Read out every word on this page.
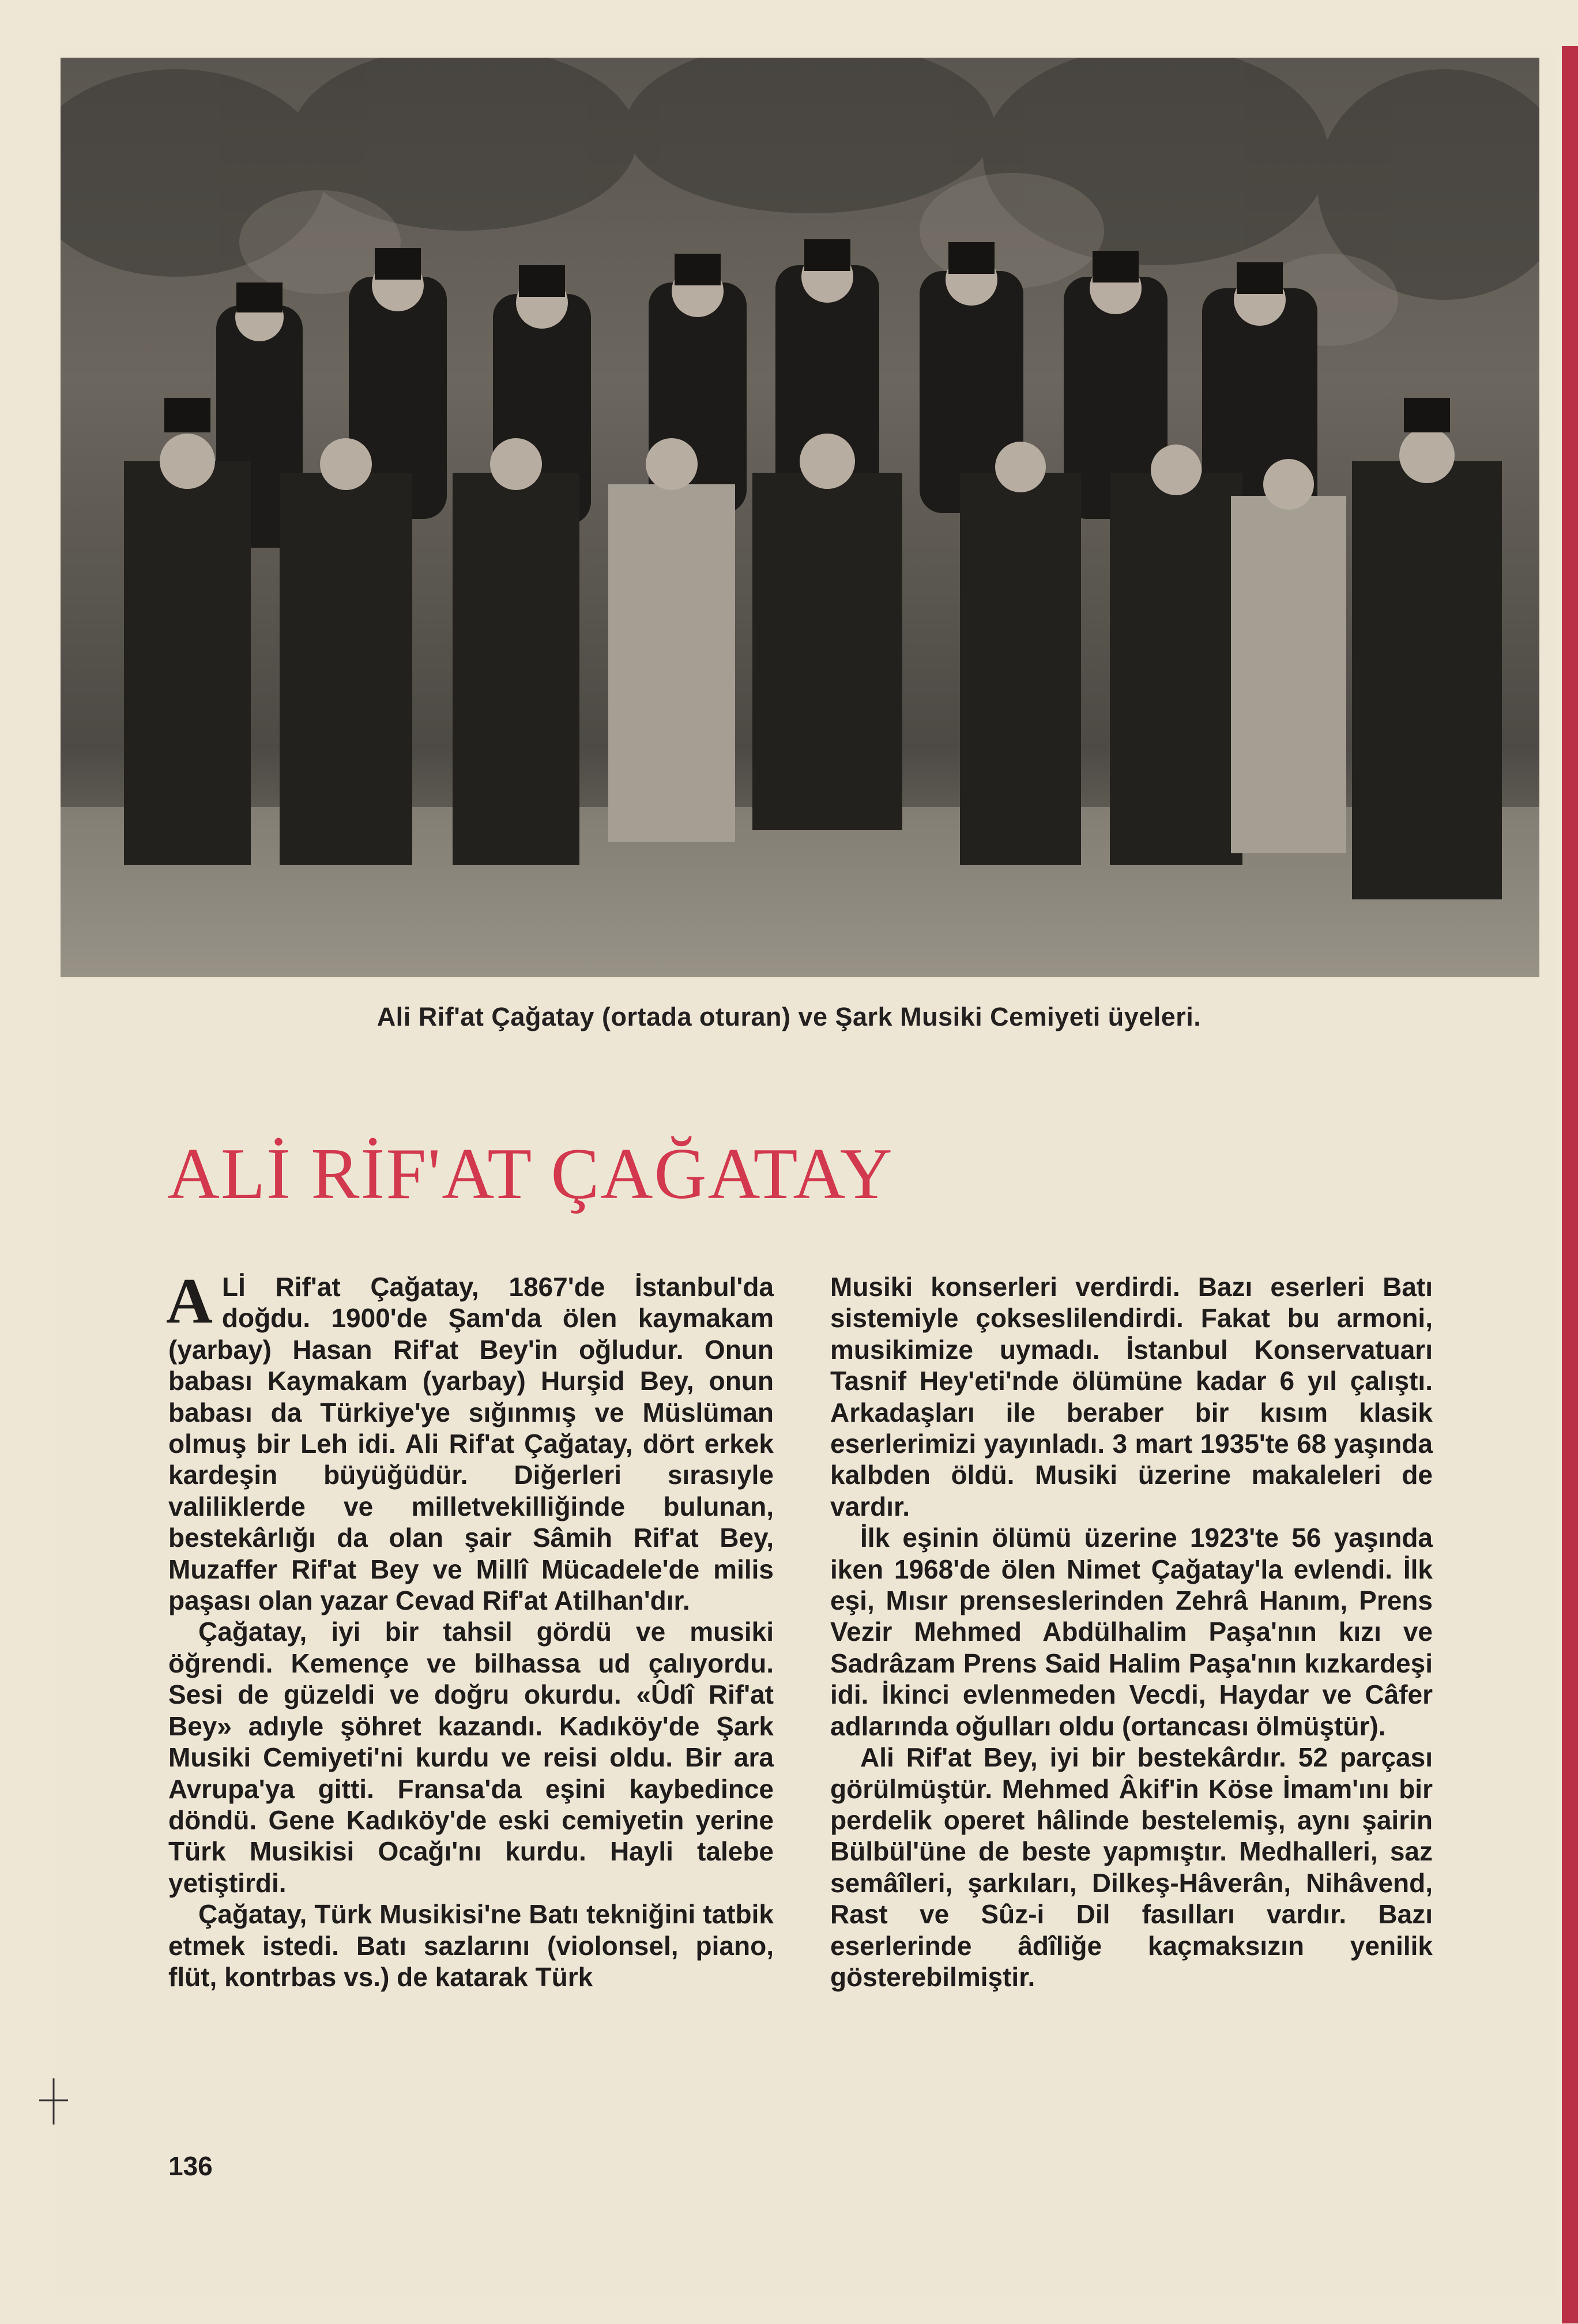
Ali Rif'at Çağatay (ortada oturan) ve Şark Musiki Cemiyeti üyeleri.
ALİ RİF'AT ÇAĞATAY

ALİ Rif'at Çağatay, 1867'de İstanbul'da doğdu. 1900'de Şam'da ölen kaymakam (yarbay) Hasan Rif'at Bey'in oğludur. Onun babası Kaymakam (yarbay) Hurşid Bey, onun babası da Türkiye'ye sığınmış ve Müslüman olmuş bir Leh idi. Ali Rif'at Çağatay, dört erkek kardeşin büyüğüdür. Diğerleri sırasıyle valiliklerde ve milletvekilliğinde bulunan, bestekârlığı da olan şair Sâmih Rif'at Bey, Muzaffer Rif'at Bey ve Millî Mücadele'de milis paşası olan yazar Cevad Rif'at Atilhan'dır.

Çağatay, iyi bir tahsil gördü ve musiki öğrendi. Kemençe ve bilhassa ud çalıyordu. Sesi de güzeldi ve doğru okurdu. «Ûdî Rif'at Bey» adıyle şöhret kazandı. Kadıköy'de Şark Musiki Cemiyeti'ni kurdu ve reisi oldu. Bir ara Avrupa'ya gitti. Fransa'da eşini kaybedince döndü. Gene Kadıköy'de eski cemiyetin yerine Türk Musikisi Ocağı'nı kurdu. Hayli talebe yetiştirdi.

Çağatay, Türk Musikisi'ne Batı tekniğini tatbik etmek istedi. Batı sazlarını (violonsel, piano, flüt, kontrbas vs.) de katarak Türk

Musiki konserleri verdirdi. Bazı eserleri Batı sistemiyle çokseslilendirdi. Fakat bu armoni, musikimize uymadı. İstanbul Konservatuarı Tasnif Hey'eti'nde ölümüne kadar 6 yıl çalıştı. Arkadaşları ile beraber bir kısım klasik eserlerimizi yayınladı. 3 mart 1935'te 68 yaşında kalbden öldü. Musiki üzerine makaleleri de vardır.

İlk eşinin ölümü üzerine 1923'te 56 yaşında iken 1968'de ölen Nimet Çağatay'la evlendi. İlk eşi, Mısır prenseslerinden Zehrâ Hanım, Prens Vezir Mehmed Abdülhalim Paşa'nın kızı ve Sadrâzam Prens Said Halim Paşa'nın kızkardeşi idi. İkinci evlenmeden Vecdi, Haydar ve Câfer adlarında oğulları oldu (ortancası ölmüştür).

Ali Rif'at Bey, iyi bir bestekârdır. 52 parçası görülmüştür. Mehmed Âkif'in Köse İmam'ını bir perdelik operet hâlinde bestelemiş, aynı şairin Bülbül'üne de beste yapmıştır. Medhalleri, saz semâîleri, şarkıları, Dilkeş-Hâverân, Nihâvend, Rast ve Sûz-i Dil fasılları vardır. Bazı eserlerinde âdîliğe kaçmaksızın yenilik gösterebilmiştir.

136
